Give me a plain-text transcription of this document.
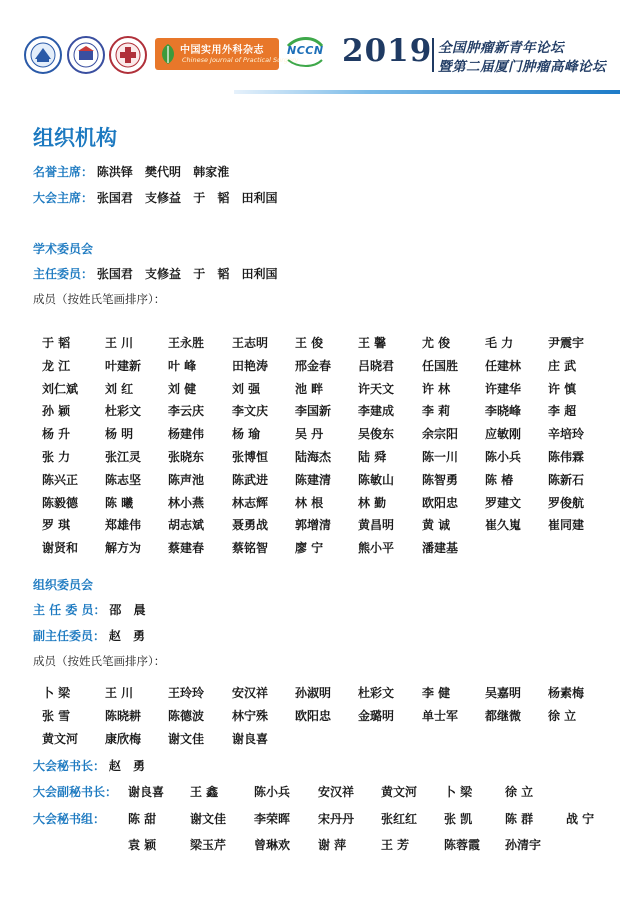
中国实用外科杂志
Chinese Journal of Practical Surgery
NCCN 2019 全国肿瘤新青年论坛
暨第二届厦门肿瘤高峰论坛
组织机构
名誉主席： 陈洪铎 樊代明 韩家淮
大会主席： 张国君 支修益 于 韬 田利国
学术委员会
主任委员： 张国君 支修益 于 韬 田利国
成员（按姓氏笔画排序）：
于 韬	王 川	王永胜 王志明 王 俊	王 馨	尤 俊	毛 力	尹震宇
龙 江	叶建新 叶 峰	田艳涛 邢金春 吕晓君 任国胜 任建林 庄 武
刘仁斌 刘 红	刘 健	刘 强	池 畔	许天文 许 林	许建华 许 慎
孙 颖	杜彩文 李云庆 李文庆 李国新 李建成 李 莉	李晓峰 李 超
杨 升	杨 明	杨建伟 杨 瑜	吴 丹	吴俊东 余宗阳 应敏刚 辛培玲
张 力	张江灵 张晓东 张博恒 陆海杰 陆 舜	陈一川 陈小兵 陈伟霖
陈兴正 陈志坚 陈声池 陈武进 陈建清 陈敏山 陈智勇 陈 椿	陈新石
陈毅德 陈 曦	林小燕 林志辉 林 根	林 勤	欧阳忠 罗建文 罗俊航
罗 琪	郑雄伟 胡志斌 聂勇战 郭增清 黄昌明 黄 诚	崔久嵬 崔同建
谢贤和 解方为 蔡建春 蔡铭智 廖 宁	熊小平 潘建基
组织委员会
主 任 委 员： 邵 晨
副主任委员： 赵 勇
成员（按姓氏笔画排序）：
卜 梁	王 川	王玲玲 安汉祥 孙淑明 杜彩文 李 健	吴嘉明 杨素梅
张 雪	陈晓耕 陈德波 林宁殊 欧阳忠 金璐明 单士军 都继微 徐 立
黄文河 康欣梅 谢文佳 谢良喜
大会秘书长： 赵 勇
大会副秘书长： 谢良喜 王 鑫	陈小兵 安汉祥 黄文河 卜 梁	徐 立
大会秘书组： 陈 甜	谢文佳 李荣晖 宋丹丹 张红红 张 凯	陈 群	战 宁
袁 颖	梁玉芹 曾琳欢 谢 萍	王 芳	陈蓉霞 孙清宇
